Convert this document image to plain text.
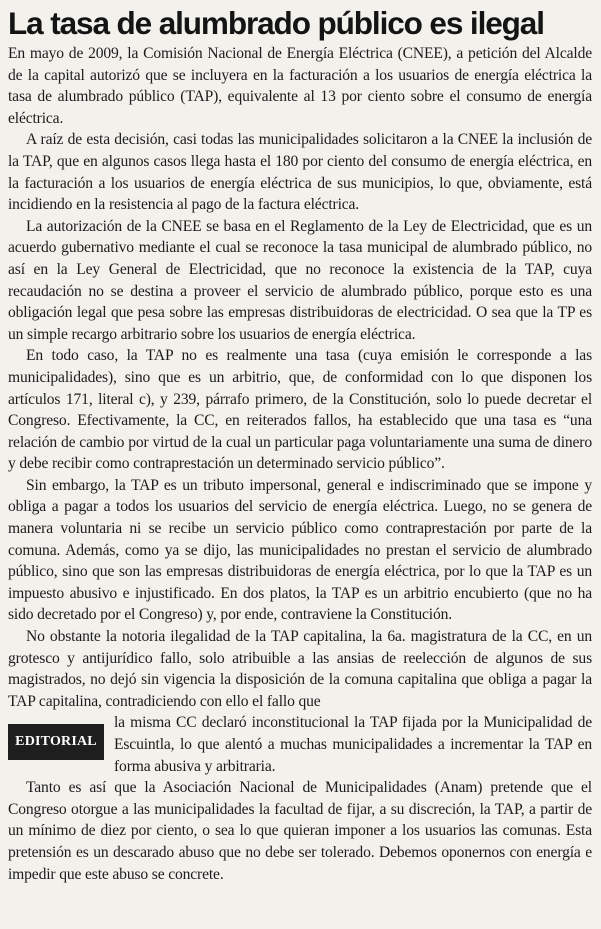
La tasa de alumbrado público es ilegal

En mayo de 2009, la Comisión Nacional de Energía Eléctrica (CNEE), a petición del Alcalde de la capital autorizó que se incluyera en la facturación a los usuarios de energía eléctrica la tasa de alumbrado público (TAP), equivalente al 13 por ciento sobre el consumo de energía eléctrica.

A raíz de esta decisión, casi todas las municipalidades solicitaron a la CNEE la inclusión de la TAP, que en algunos casos llega hasta el 180 por ciento del consumo de energía eléctrica, en la facturación a los usuarios de energía eléctrica de sus municipios, lo que, obviamente, está incidiendo en la resistencia al pago de la factura eléctrica.

La autorización de la CNEE se basa en el Reglamento de la Ley de Electricidad, que es un acuerdo gubernativo mediante el cual se reconoce la tasa municipal de alumbrado público, no así en la Ley General de Electricidad, que no reconoce la existencia de la TAP, cuya recaudación no se destina a proveer el servicio de alumbrado público, porque esto es una obligación legal que pesa sobre las empresas distribuidoras de electricidad. O sea que la TP es un simple recargo arbitrario sobre los usuarios de energía eléctrica.

En todo caso, la TAP no es realmente una tasa (cuya emisión le corresponde a las municipalidades), sino que es un arbitrio, que, de conformidad con lo que disponen los artículos 171, literal c), y 239, párrafo primero, de la Constitución, solo lo puede decretar el Congreso. Efectivamente, la CC, en reiterados fallos, ha establecido que una tasa es “una relación de cambio por virtud de la cual un particular paga voluntariamente una suma de dinero y debe recibir como contraprestación un determinado servicio público”.

Sin embargo, la TAP es un tributo impersonal, general e indiscriminado que se impone y obliga a pagar a todos los usuarios del servicio de energía eléctrica. Luego, no se genera de manera voluntaria ni se recibe un servicio público como contraprestación por parte de la comuna. Además, como ya se dijo, las municipalidades no prestan el servicio de alumbrado público, sino que son las empresas distribuidoras de energía eléctrica, por lo que la TAP es un impuesto abusivo e injustificado. En dos platos, la TAP es un arbitrio encubierto (que no ha sido decretado por el Congreso) y, por ende, contraviene la Constitución.

No obstante la notoria ilegalidad de la TAP capitalina, la 6a. magistratura de la CC, en un grotesco y antijurídico fallo, solo atribuible a las ansias de reelección de algunos de sus magistrados, no dejó sin vigencia la disposición de la comuna capitalina que obliga a pagar la TAP capitalina, contradiciendo con ello el fallo que

EDITORIAL
la misma CC declaró inconstitucional la TAP fijada por la Municipalidad de Escuintla, lo que alentó a muchas municipalidades a incrementar la TAP en forma abusiva y arbitraria.

Tanto es así que la Asociación Nacional de Municipalidades (Anam) pretende que el Congreso otorgue a las municipalidades la facultad de fijar, a su discreción, la TAP, a partir de un mínimo de diez por ciento, o sea lo que quieran imponer a los usuarios las comunas. Esta pretensión es un descarado abuso que no debe ser tolerado. Debemos oponernos con energía e impedir que este abuso se concrete.
